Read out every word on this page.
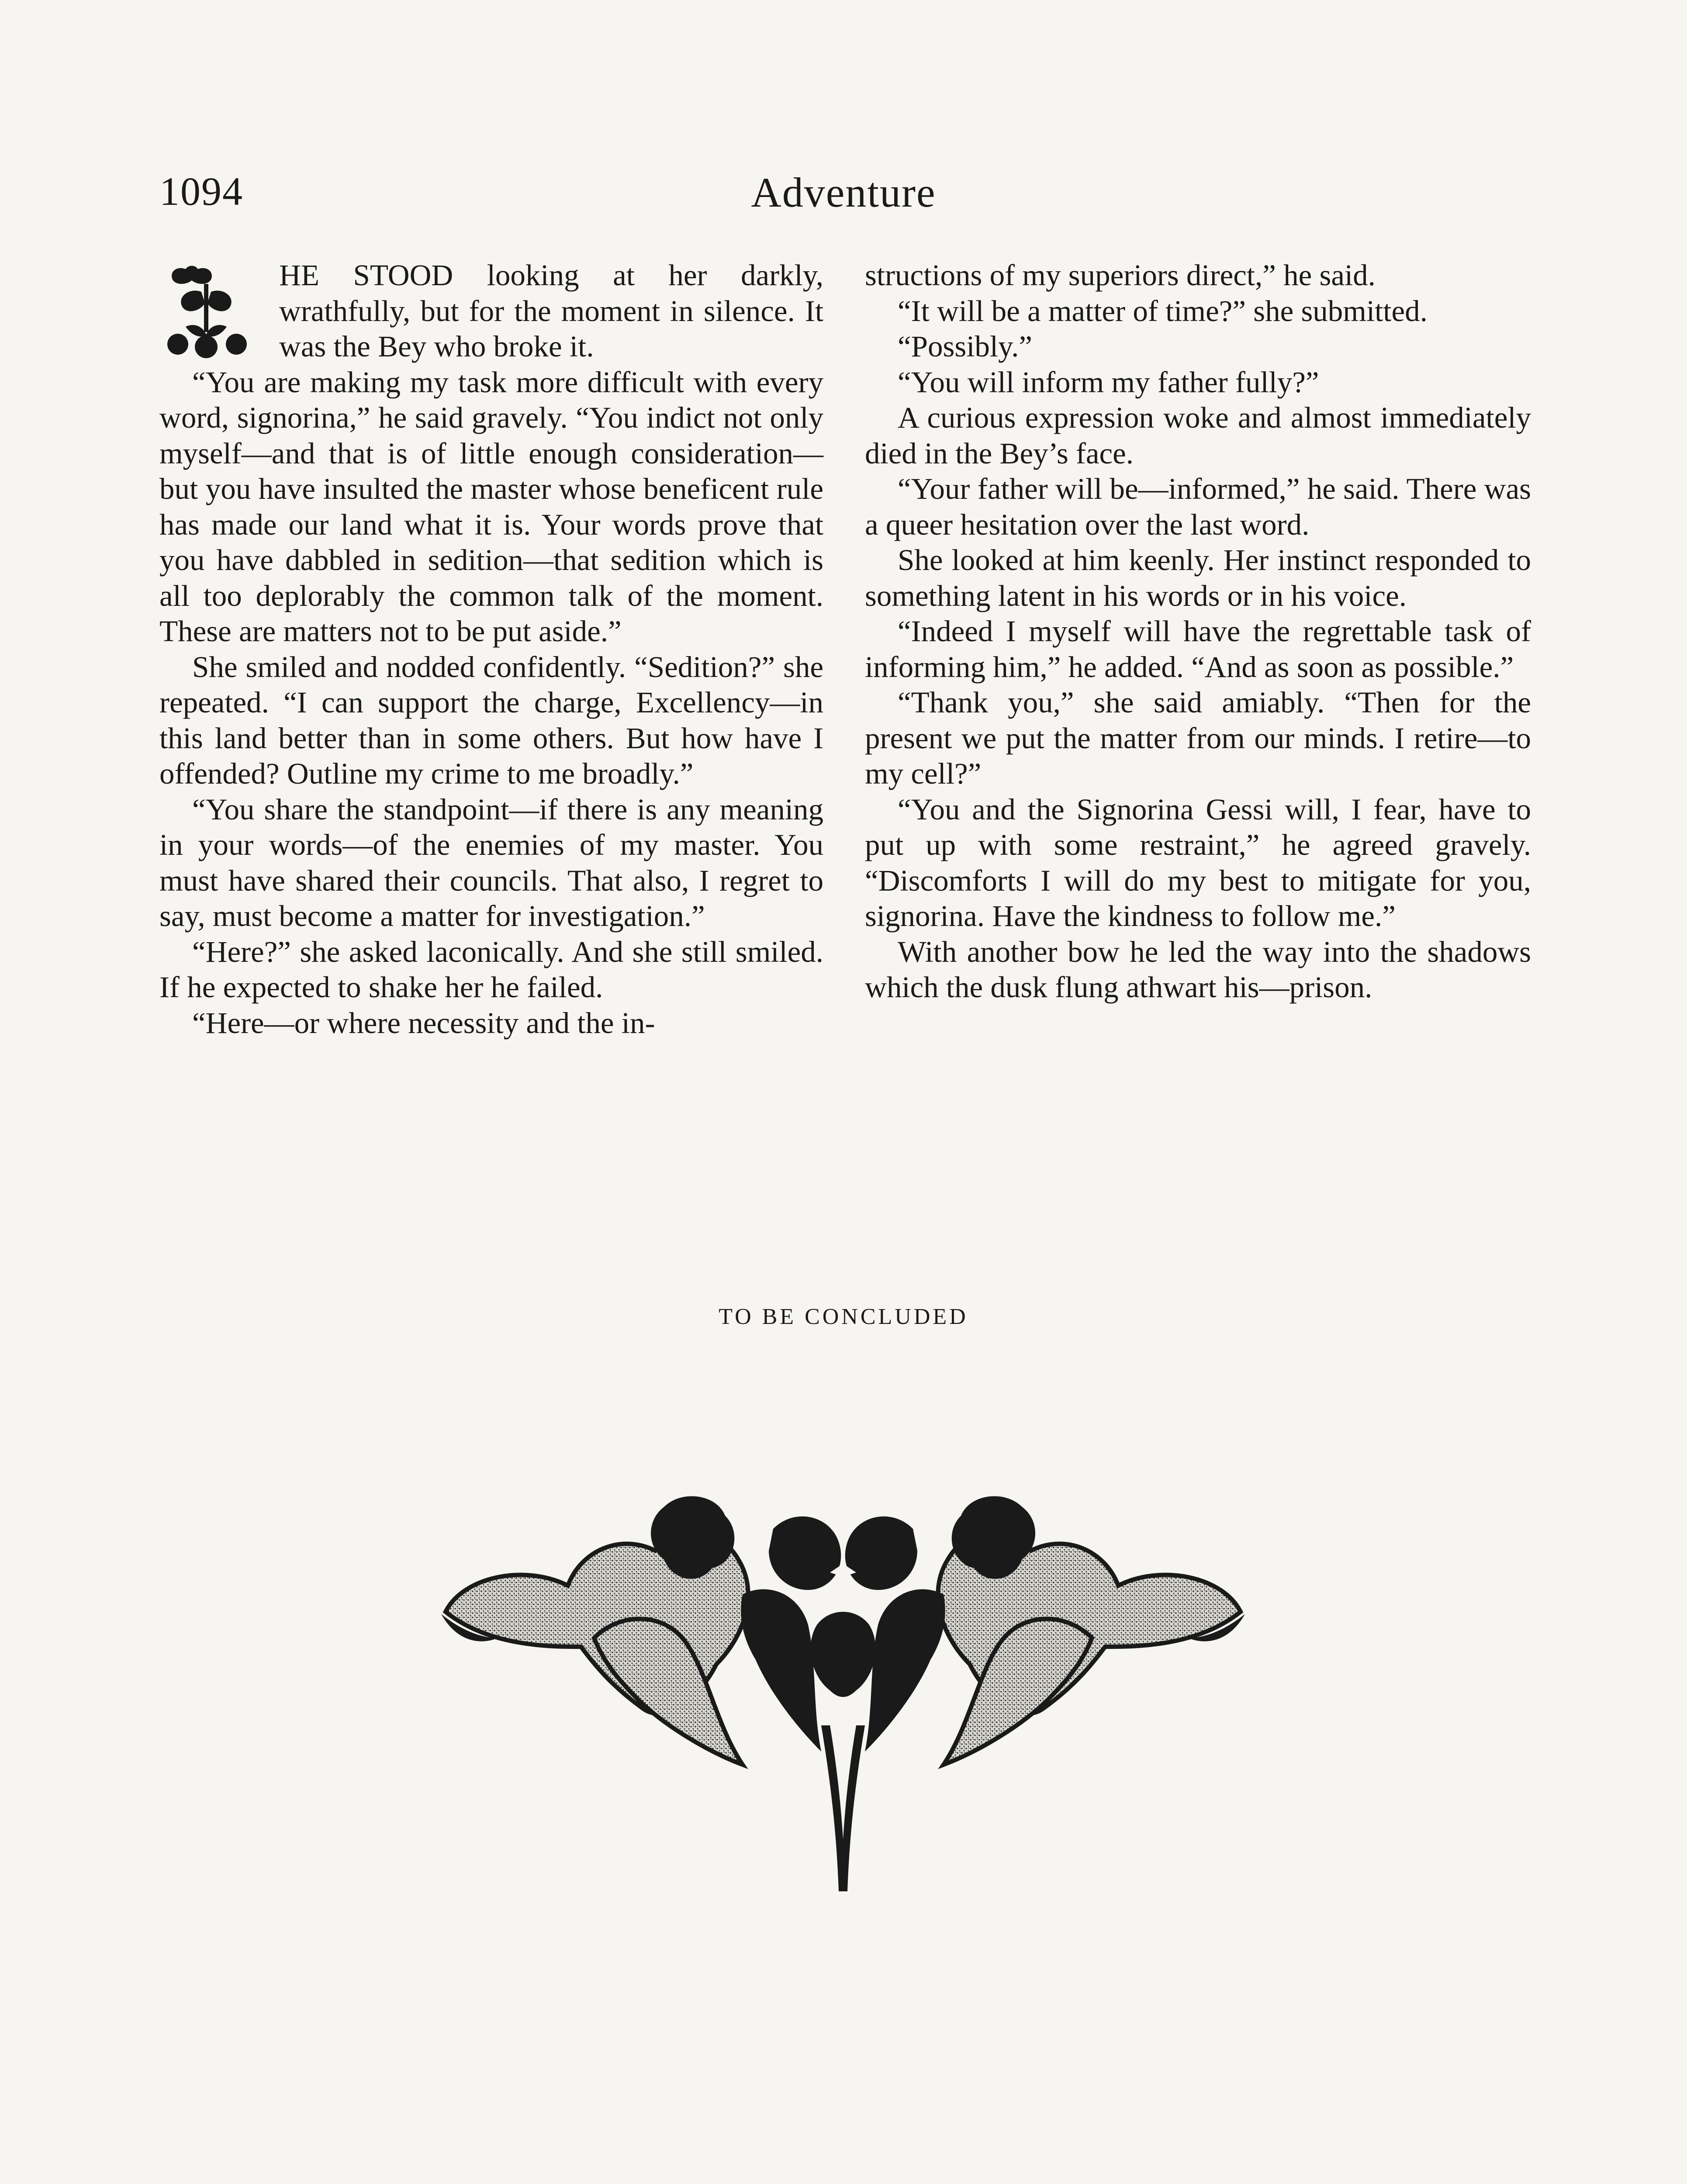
1094	Adventure

HE STOOD looking at her darkly, wrathfully, but for the moment in silence. It was the Bey who broke it.

“You are making my task more difficult with every word, signorina,” he said gravely. “You indict not only myself—and that is of little enough consideration—but you have insulted the master whose beneficent rule has made our land what it is. Your words prove that you have dabbled in sedition—that sedition which is all too deplorably the common talk of the moment. These are matters not to be put aside.”

She smiled and nodded confidently. “Sedition?” she repeated. “I can support the charge, Excellency—in this land better than in some others. But how have I offended? Outline my crime to me broadly.”

“You share the standpoint—if there is any meaning in your words—of the enemies of my master. You must have shared their councils. That also, I regret to say, must become a matter for investigation.”

“Here?” she asked laconically. And she still smiled. If he expected to shake her he failed.

“Here—or where necessity and the in-

structions of my superiors direct,” he said.

“It will be a matter of time?” she submitted.

“Possibly.”

“You will inform my father fully?”

A curious expression woke and almost immediately died in the Bey’s face.

“Your father will be—informed,” he said. There was a queer hesitation over the last word.

She looked at him keenly. Her instinct responded to something latent in his words or in his voice.

“Indeed I myself will have the regrettable task of informing him,” he added. “And as soon as possible.”

“Thank you,” she said amiably. “Then for the present we put the matter from our minds. I retire—to my cell?”

“You and the Signorina Gessi will, I fear, have to put up with some restraint,” he agreed gravely. “Discomforts I will do my best to mitigate for you, signorina. Have the kindness to follow me.”

With another bow he led the way into the shadows which the dusk flung athwart his—prison.

TO BE CONCLUDED
